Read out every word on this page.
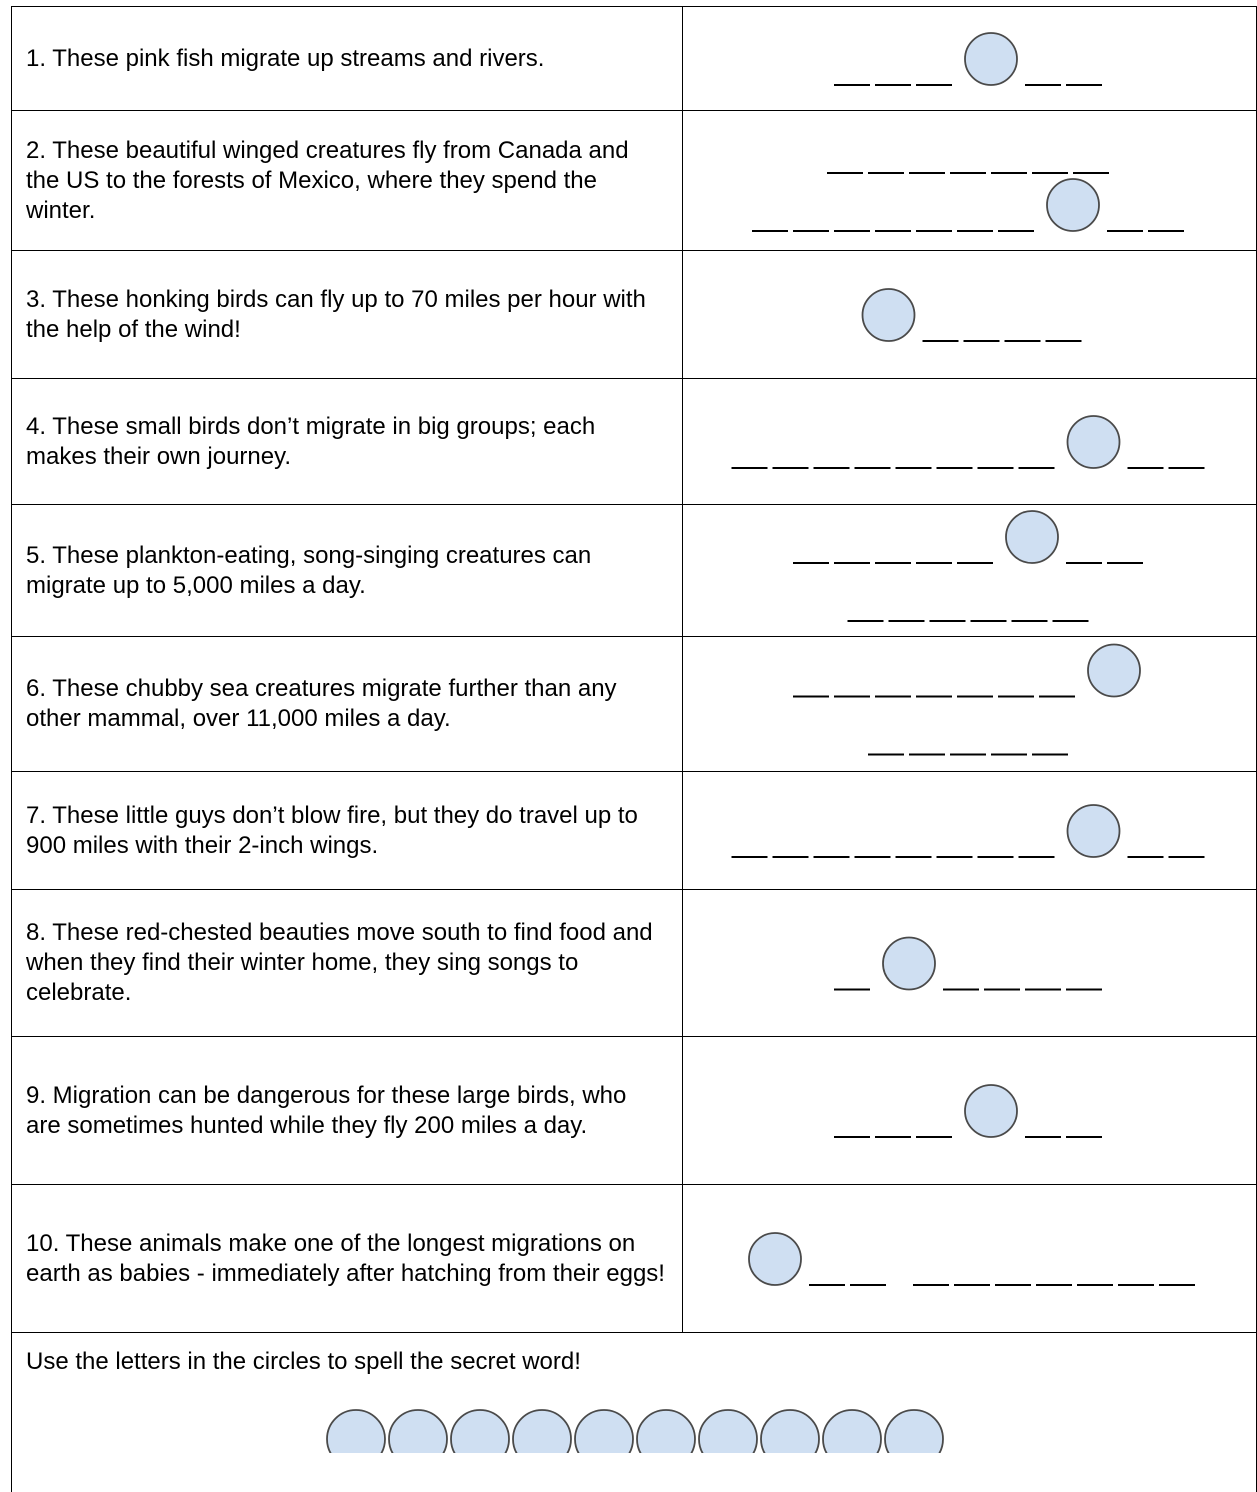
1. These pink fish migrate up streams and rivers.
2. These beautiful winged creatures fly from Canada and the US to the forests of Mexico, where they spend the winter.
3. These honking birds can fly up to 70 miles per hour with the help of the wind!
4. These small birds don’t migrate in big groups; each makes their own journey.
5. These plankton-eating, song-singing creatures can migrate up to 5,000 miles a day.
6. These chubby sea creatures migrate further than any other mammal, over 11,000 miles a day.
7. These little guys don’t blow fire, but they do travel up to 900 miles with their 2-inch wings.
8. These red-chested beauties move south to find food and when they find their winter home, they sing songs to celebrate.
9. Migration can be dangerous for these large birds, who are sometimes hunted while they fly 200 miles a day.
10. These animals make one of the longest migrations on earth as babies - immediately after hatching from their eggs!
Use the letters in the circles to spell the secret word!
